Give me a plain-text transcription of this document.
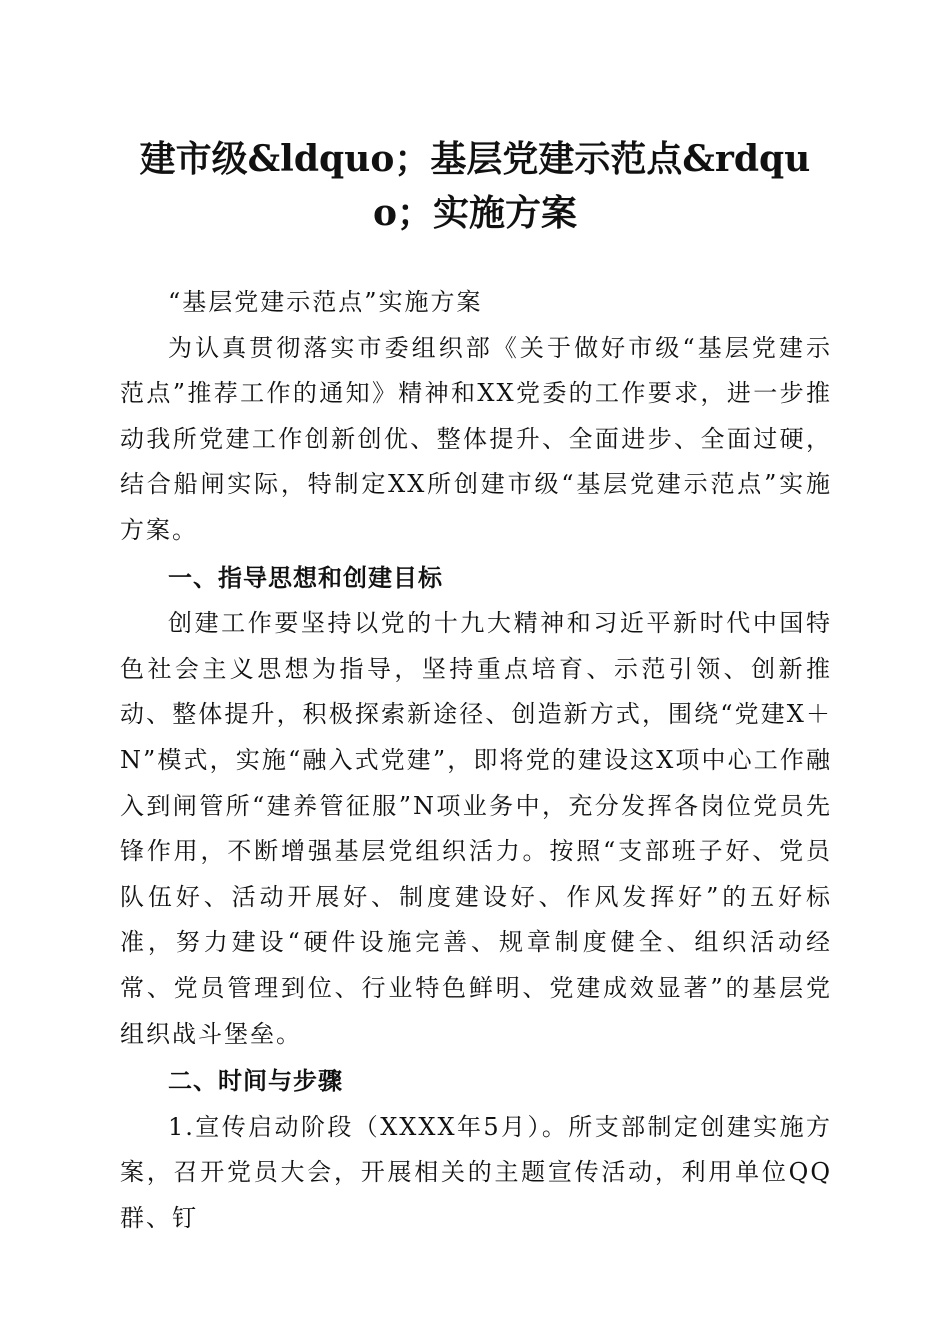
建市级&ldquo；基层党建示范点&rdquo；实施方案

“基层党建示范点”实施方案

为认真贯彻落实市委组织部《关于做好市级“基层党建示范点”推荐工作的通知》精神和XX党委的工作要求，进一步推动我所党建工作创新创优、整体提升、全面进步、全面过硬，结合船闸实际，特制定XX所创建市级“基层党建示范点”实施方案。

一、指导思想和创建目标

创建工作要坚持以党的十九大精神和习近平新时代中国特色社会主义思想为指导，坚持重点培育、示范引领、创新推动、整体提升，积极探索新途径、创造新方式，围绕“党建X＋N”模式，实施“融入式党建”，即将党的建设这X项中心工作融入到闸管所“建养管征服”N项业务中，充分发挥各岗位党员先锋作用，不断增强基层党组织活力。按照“支部班子好、党员队伍好、活动开展好、制度建设好、作风发挥好”的五好标准，努力建设“硬件设施完善、规章制度健全、组织活动经常、党员管理到位、行业特色鲜明、党建成效显著”的基层党组织战斗堡垒。

二、时间与步骤

1.宣传启动阶段（XXXX年5月）。所支部制定创建实施方案，召开党员大会，开展相关的主题宣传活动，利用单位QQ群、钉
